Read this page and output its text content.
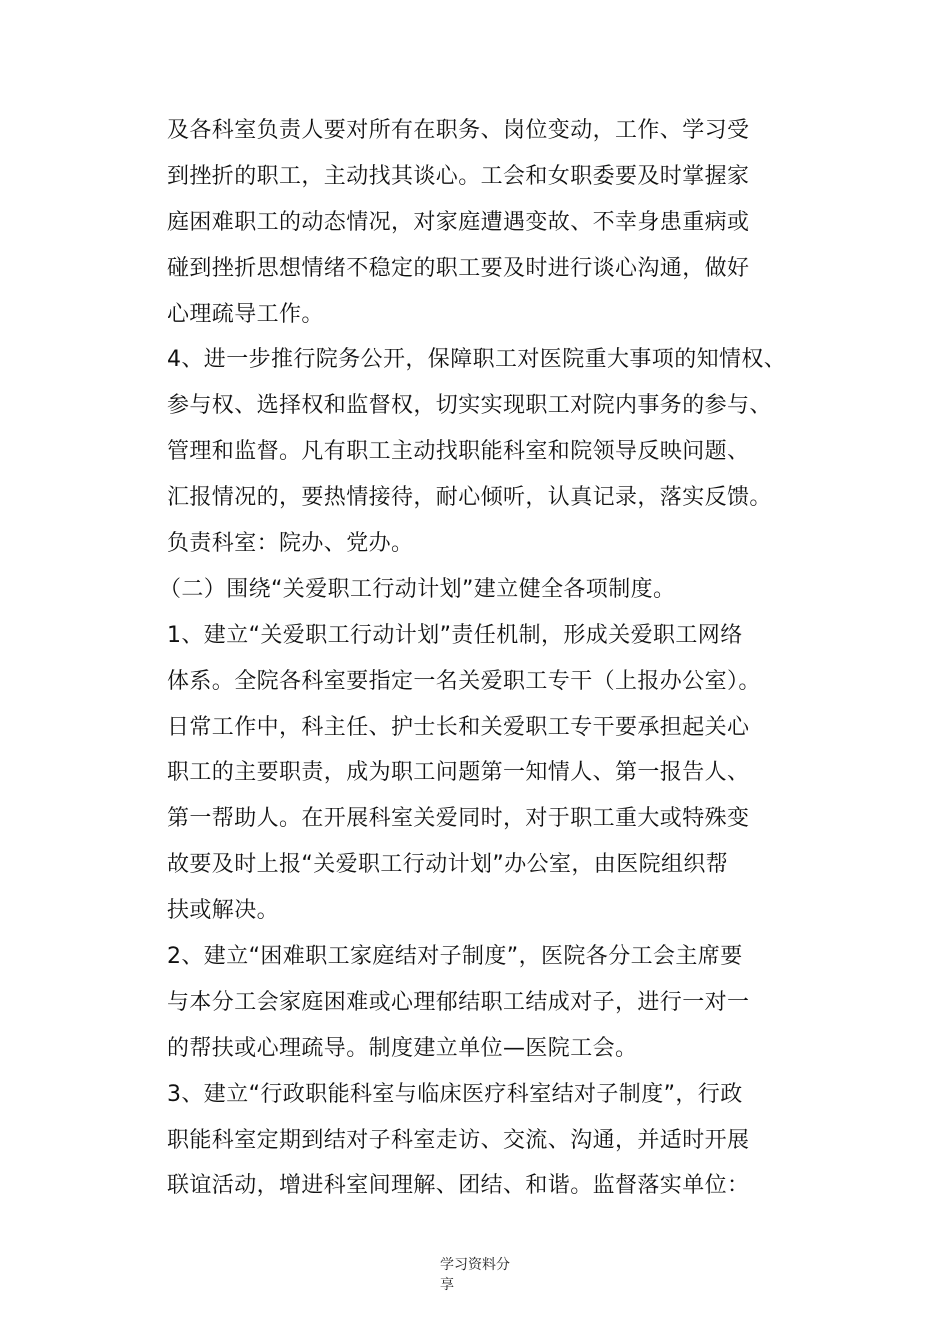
及各科室负责人要对所有在职务、岗位变动，工作、学习受
到挫折的职工，主动找其谈心。工会和女职委要及时掌握家
庭困难职工的动态情况，对家庭遭遇变故、不幸身患重病或
碰到挫折思想情绪不稳定的职工要及时进行谈心沟通，做好
心理疏导工作。
4、进一步推行院务公开，保障职工对医院重大事项的知情权、
参与权、选择权和监督权，切实实现职工对院内事务的参与、
管理和监督。凡有职工主动找职能科室和院领导反映问题、
汇报情况的，要热情接待，耐心倾听，认真记录，落实反馈。
负责科室：院办、党办。
（二）围绕“关爱职工行动计划”建立健全各项制度。
1、建立“关爱职工行动计划”责任机制，形成关爱职工网络
体系。全院各科室要指定一名关爱职工专干（上报办公室）。
日常工作中，科主任、护士长和关爱职工专干要承担起关心
职工的主要职责，成为职工问题第一知情人、第一报告人、
第一帮助人。在开展科室关爱同时，对于职工重大或特殊变
故要及时上报“关爱职工行动计划”办公室，由医院组织帮
扶或解决。
2、建立“困难职工家庭结对子制度”，医院各分工会主席要
与本分工会家庭困难或心理郁结职工结成对子，进行一对一
的帮扶或心理疏导。制度建立单位—医院工会。
3、建立“行政职能科室与临床医疗科室结对子制度”，行政
职能科室定期到结对子科室走访、交流、沟通，并适时开展
联谊活动，增进科室间理解、团结、和谐。监督落实单位：
学习资料分
享
